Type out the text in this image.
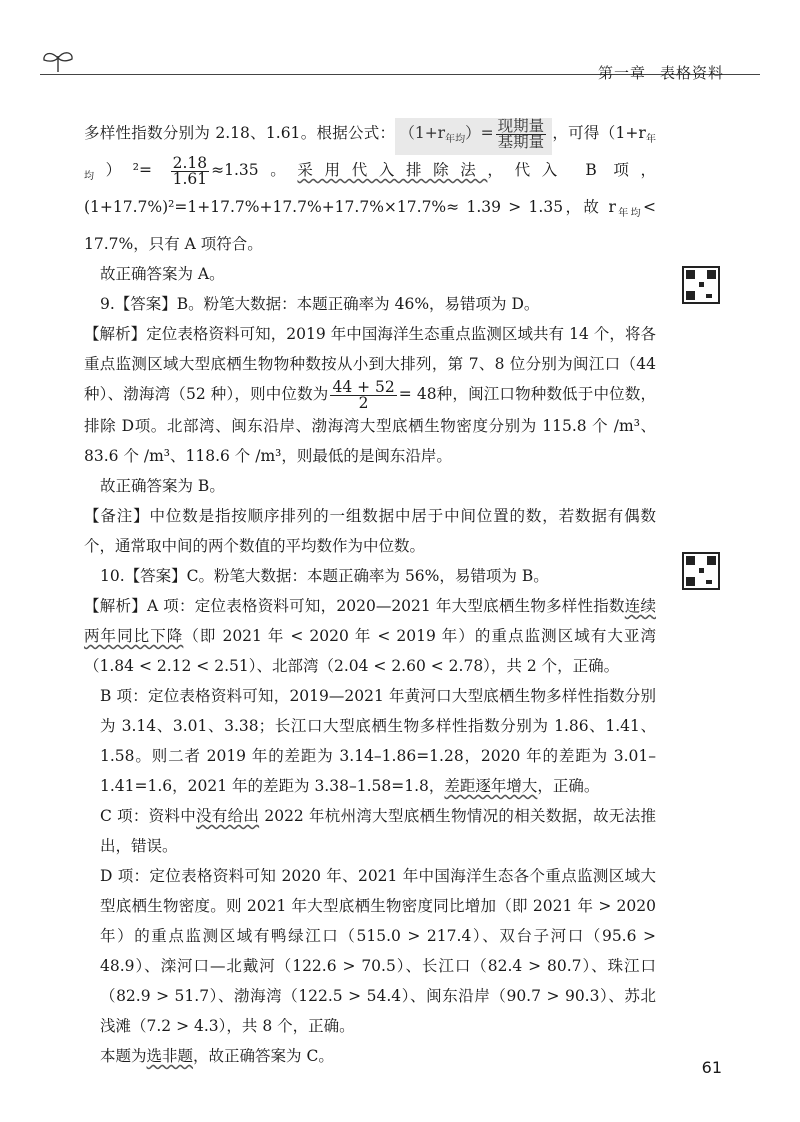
第一章 表格资料

多样性指数分别为 2.18、1.61。根据公式： $(1+r_{年均})= \frac{\text{现期量}}{\text{基期量}}$ ，可得$(1+r_{年均})^2= \frac{2.18}{1.61} \approx 1.35$。采用代入排除法，代入 B 项，(1+17.7%)²=1+17.7%+17.7%+17.7%×17.7%≈ 1.39 > 1.35，故 $r_{年均}< 17.7\%$，只有 A 项符合。

故正确答案为 A。

9.【答案】B。粉笔大数据：本题正确率为 46%，易错项为 D。

【解析】定位表格资料可知，2019 年中国海洋生态重点监测区域共有 14 个，将各重点监测区域大型底栖生物物种数按从小到大排列，第 7、8 位分别为闽江口（44种）、渤海湾（52 种），则中位数为 $\frac{44 + 52}{2} = 48$种，闽江口物种数低于中位数，排除 D项。北部湾、闽东沿岸、渤海湾大型底栖生物密度分别为 115.8 个 /m³、83.6 个 /m³、118.6 个 /m³，则最低的是闽东沿岸。

故正确答案为 B。

【备注】中位数是指按顺序排列的一组数据中居于中间位置的数，若数据有偶数个，通常取中间的两个数值的平均数作为中位数。

10.【答案】C。粉笔大数据：本题正确率为 56%，易错项为 B。

【解析】A 项：定位表格资料可知，2020—2021 年大型底栖生物多样性指数连续两年同比下降（即 2021 年 < 2020 年 < 2019 年）的重点监测区域有大亚湾（1.84 < 2.12 < 2.51）、北部湾（2.04 < 2.60 < 2.78），共 2 个，正确。

B 项：定位表格资料可知，2019—2021 年黄河口大型底栖生物多样性指数分别为 3.14、3.01、3.38；长江口大型底栖生物多样性指数分别为 1.86、1.41、1.58。则二者 2019 年的差距为 3.14–1.86=1.28，2020 年的差距为 3.01–1.41=1.6，2021 年的差距为 3.38–1.58=1.8，差距逐年增大，正确。

C 项：资料中没有给出 2022 年杭州湾大型底栖生物情况的相关数据，故无法推出，错误。

D 项：定位表格资料可知 2020 年、2021 年中国海洋生态各个重点监测区域大型底栖生物密度。则 2021 年大型底栖生物密度同比增加（即 2021 年 > 2020 年）的重点监测区域有鸭绿江口（515.0 > 217.4）、双台子河口（95.6 > 48.9）、滦河口—北戴河（122.6 > 70.5）、长江口（82.4 > 80.7）、珠江口（82.9 > 51.7）、渤海湾（122.5 > 54.4）、闽东沿岸（90.7 > 90.3）、苏北浅滩（7.2 > 4.3），共 8 个，正确。

本题为选非题，故正确答案为 C。

61
